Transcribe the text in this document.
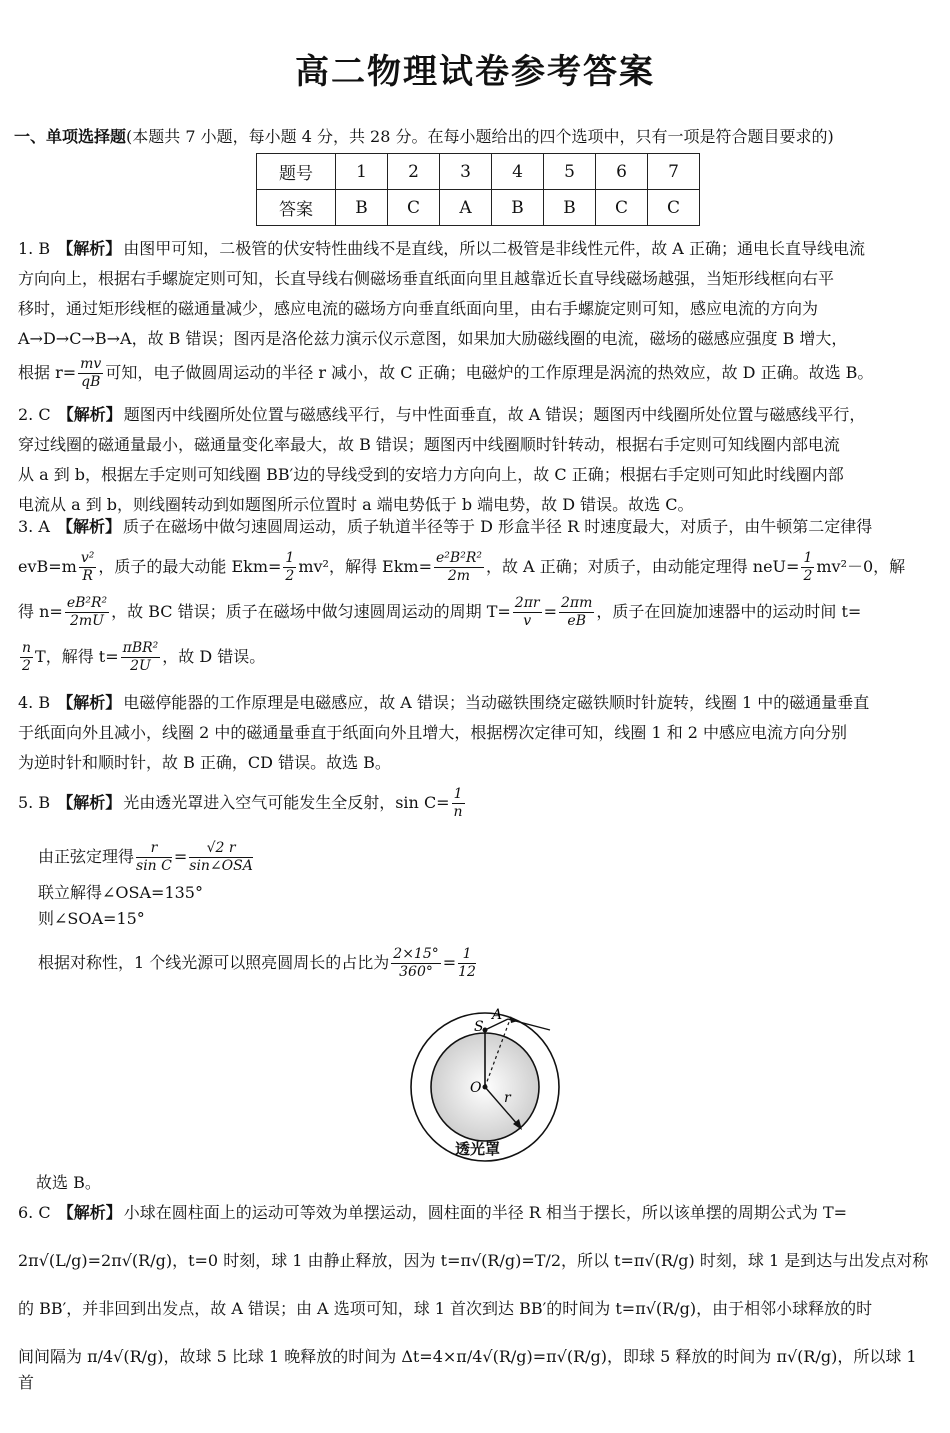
高二物理试卷参考答案
一、单项选择题(本题共 7 小题，每小题 4 分，共 28 分。在每小题给出的四个选项中，只有一项是符合题目要求的)
题号	1	2	3	4	5	6	7
答案	B	C	A	B	B	C	C
1. B 【解析】 由图甲可知，二极管的伏安特性曲线不是直线，所以二极管是非线性元件，故 A 正确；通电长直导线电流
方向向上，根据右手螺旋定则可知，长直导线右侧磁场垂直纸面向里且越靠近长直导线磁场越强，当矩形线框向右平
移时，通过矩形线框的磁通量减少，感应电流的磁场方向垂直纸面向里，由右手螺旋定则可知，感应电流的方向为
A→D→C→B→A，故 B 错误；图丙是洛伦兹力演示仪示意图，如果加大励磁线圈的电流，磁场的磁感应强度 B 增大，
根据 $r= \frac{mv}{qB}$ 可知，电子做圆周运动的半径 r 减小，故 C 正确；电磁炉的工作原理是涡流的热效应，故 D 正确。故选 B。
2. C 【解析】 题图丙中线圈所处位置与磁感线平行，与中性面垂直，故 A 错误；题图丙中线圈所处位置与磁感线平行，
穿过线圈的磁通量最小，磁通量变化率最大，故 B 错误；题图丙中线圈顺时针转动，根据右手定则可知线圈内部电流
从 a 到 b，根据左手定则可知线圈 BB′边的导线受到的安培力方向向上，故 C 正确；根据右手定则可知此时线圈内部
电流从 a 到 b，则线圈转动到如题图所示位置时 a 端电势低于 b 端电势，故 D 错误。故选 C。
3. A 【解析】 质子在磁场中做匀速圆周运动，质子轨道半径等于 D 形盒半径 R 时速度最大，对质子，由牛顿第二定律得
$evB=m \frac{\text{v²}}{R}$ ，质子的最大动能 $Ekm= \frac{1}{2} mv^2$，解得 $Ekm= \frac{\text{e²B²R²}}{2m}$ ，故 A 正确；对质子，由动能定理得 $neU= \frac{1}{2} mv^2-0$，解
得 $n= \frac{\text{eB²R²}}{2mU}$ ，故 BC 错误；质子在磁场中做匀速圆周运动的周期 $T= \frac{2\pi r}{v} = \frac{2\pi m}{eB}$ ，质子在回旋加速器中的运动时间 t=
$\frac{n}{2}$ T，解得 $t= \frac{\text{πBR²}}{2U}$ ，故 D 错误。
4. B 【解析】 电磁停能器的工作原理是电磁感应，故 A 错误；当动磁铁围绕定磁铁顺时针旋转，线圈 1 中的磁通量垂直
于纸面向外且减小，线圈 2 中的磁通量垂直于纸面向外且增大，根据楞次定律可知，线圈 1 和 2 中感应电流方向分别
为逆时针和顺时针，故 B 正确，CD 错误。故选 B。
5. B 【解析】 光由透光罩进入空气可能发生全反射，$\sin C= \frac{1}{n}$
由正弦定理得 $\frac{r}{\text{sin C}} = \frac{√2 r}{\text{sin∠OSA}}$
联立解得∠OSA=135°
则∠SOA=15°
根据对称性，1 个线光源可以照亮圆周长的占比为 $\frac{2\times 15^\circ}{360^\circ} = \frac{1}{12}$
A
S
O
r
透光罩
故选 B。
6. C 【解析】 小球在圆柱面上的运动可等效为单摆运动，圆柱面的半径 R 相当于摆长，所以该单摆的周期公式为 T=
2π√(L/g)=2π√(R/g)，t=0 时刻，球 1 由静止释放，因为 t=π√(R/g)=T/2，所以 t=π√(R/g) 时刻，球 1 是到达与出发点对称
的 BB′，并非回到出发点，故 A 错误；由 A 选项可知，球 1 首次到达 BB′的时间为 t=π√(R/g)，由于相邻小球释放的时
间间隔为 π/4√(R/g)，故球 5 比球 1 晚释放的时间为 Δt=4×π/4√(R/g)=π√(R/g)，即球 5 释放的时间为 π√(R/g)，所以球 1 首
